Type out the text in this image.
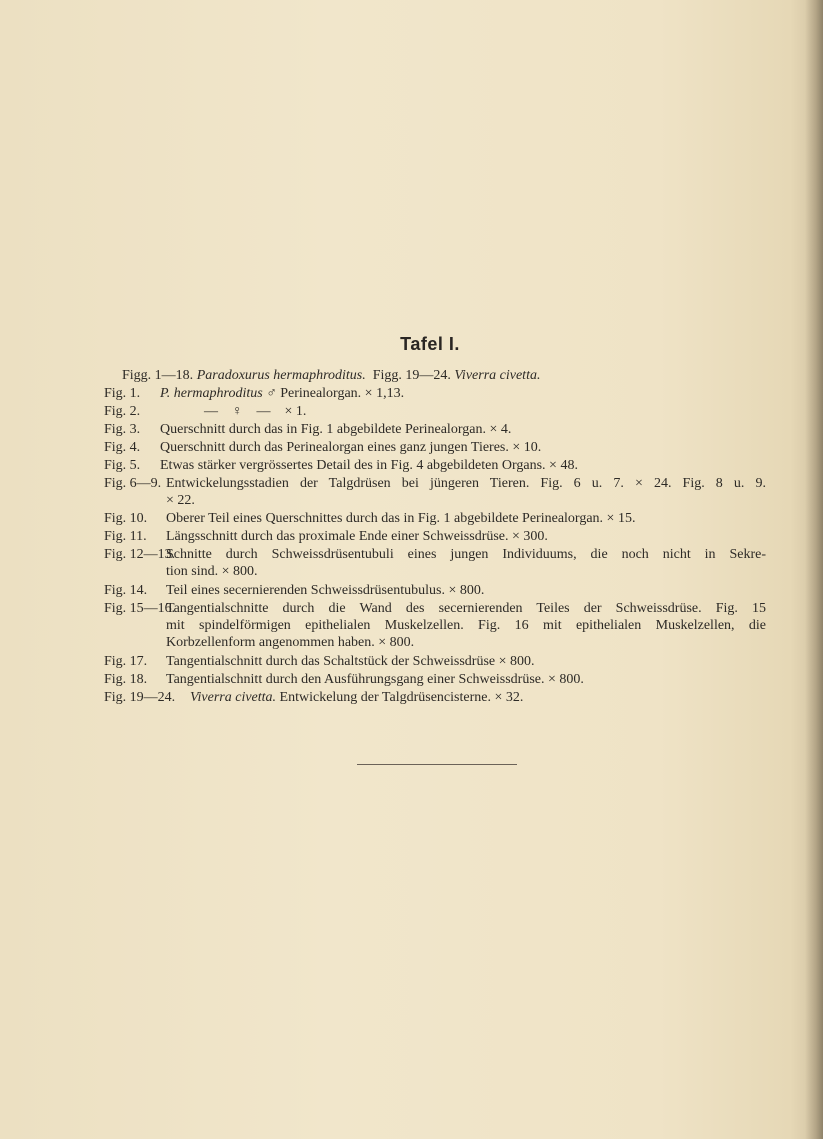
Tafel I.
Figg. 1—18. Paradoxurus hermaphroditus. Figg. 19—24. Viverra civetta.
Fig. 1. P. hermaphroditus ♂ Perinealorgan. × 1,13.
Fig. 2.	—    ♀    —    × 1.
Fig. 3. Querschnitt durch das in Fig. 1 abgebildete Perinealorgan. × 4.
Fig. 4. Querschnitt durch das Perinealorgan eines ganz jungen Tieres. × 10.
Fig. 5. Etwas stärker vergrössertes Detail des in Fig. 4 abgebildeten Organs. × 48.
Fig. 6—9. Entwickelungsstadien der Talgdrüsen bei jüngeren Tieren. Fig. 6 u. 7. × 24. Fig. 8 u. 9.
× 22.
Fig. 10. Oberer Teil eines Querschnittes durch das in Fig. 1 abgebildete Perinealorgan. × 15.
Fig. 11. Längsschnitt durch das proximale Ende einer Schweissdrüse. × 300.
Fig. 12—13.
Schnitte durch Schweissdrüsentubuli eines jungen Individuums, die noch nicht in Sekre-
tion sind. × 800.
Fig. 14. Teil eines secernierenden Schweissdrüsentubulus. × 800.
Fig. 15—16.
Tangentialschnitte durch die Wand des secernierenden Teiles der Schweissdrüse. Fig. 15
mit spindelförmigen epithelialen Muskelzellen. Fig. 16 mit epithelialen Muskelzellen, die
Korbzellenform angenommen haben. × 800.
Fig. 17. Tangentialschnitt durch das Schaltstück der Schweissdrüse × 800.
Fig. 18. Tangentialschnitt durch den Ausführungsgang einer Schweissdrüse. × 800.
Fig. 19—24. Viverra civetta. Entwickelung der Talgdrüsencisterne. × 32.
